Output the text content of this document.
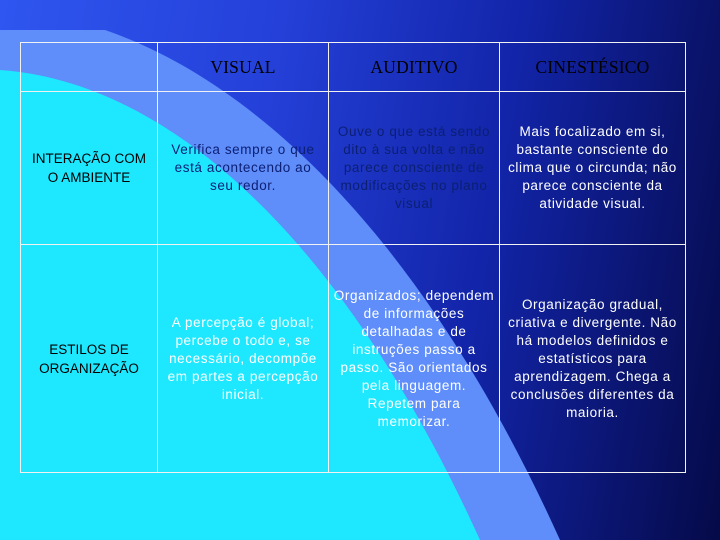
	VISUAL	AUDITIVO	CINESTÉSICO
INTERAÇÃO COM O AMBIENTE	Verifica sempre o que está acontecendo ao seu redor.	Ouve o que está sendo dito à sua volta e não parece consciente de modificações no plano visual	Mais focalizado em si, bastante consciente do clima que o circunda; não parece consciente da atividade visual.
ESTILOS DE ORGANIZAÇÃO	A percepção é global; percebe o todo e, se necessário, decompõe em partes a percepção inicial.	Organizados; dependem de informações detalhadas e de instruções passo a passo. São orientados pela linguagem. Repetem para memorizar.	Organização gradual, criativa e divergente. Não há modelos definidos e estatísticos para aprendizagem. Chega a conclusões diferentes da maioria.
